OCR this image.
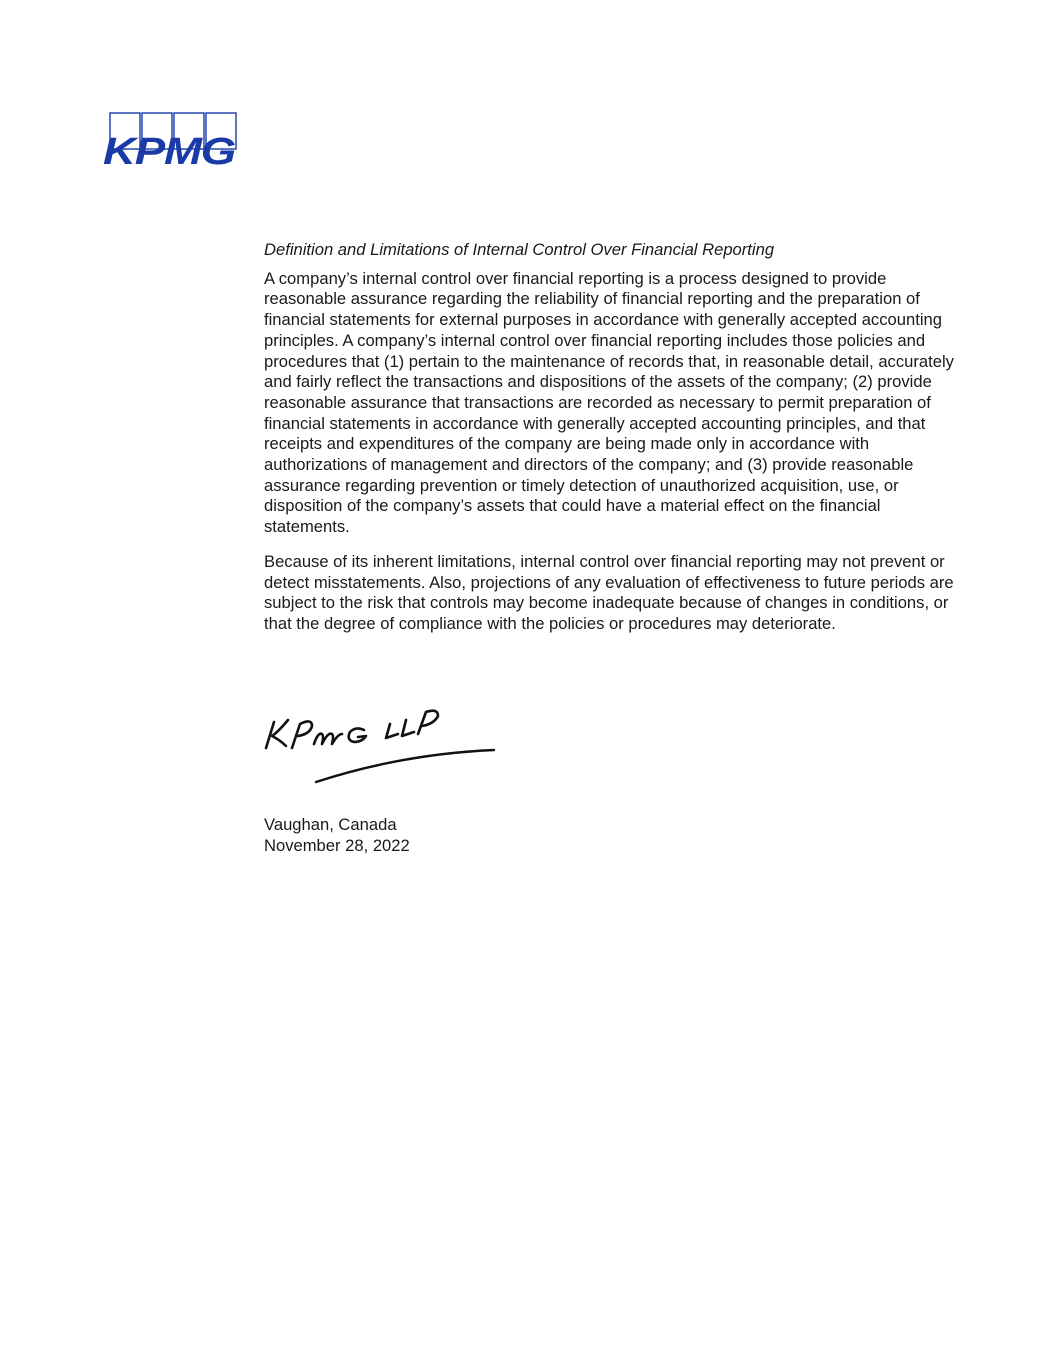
KPMG

Definition and Limitations of Internal Control Over Financial Reporting

A company’s internal control over financial reporting is a process designed to provide reasonable assurance regarding the reliability of financial reporting and the preparation of financial statements for external purposes in accordance with generally accepted accounting principles. A company’s internal control over financial reporting includes those policies and procedures that (1) pertain to the maintenance of records that, in reasonable detail, accurately and fairly reflect the transactions and dispositions of the assets of the company; (2) provide reasonable assurance that transactions are recorded as necessary to permit preparation of financial statements in accordance with generally accepted accounting principles, and that receipts and expenditures of the company are being made only in accordance with authorizations of management and directors of the company; and (3) provide reasonable assurance regarding prevention or timely detection of unauthorized acquisition, use, or disposition of the company’s assets that could have a material effect on the financial statements.

Because of its inherent limitations, internal control over financial reporting may not prevent or detect misstatements. Also, projections of any evaluation of effectiveness to future periods are subject to the risk that controls may become inadequate because of changes in conditions, or that the degree of compliance with the policies or procedures may deteriorate.

Vaughan, Canada
November 28, 2022
